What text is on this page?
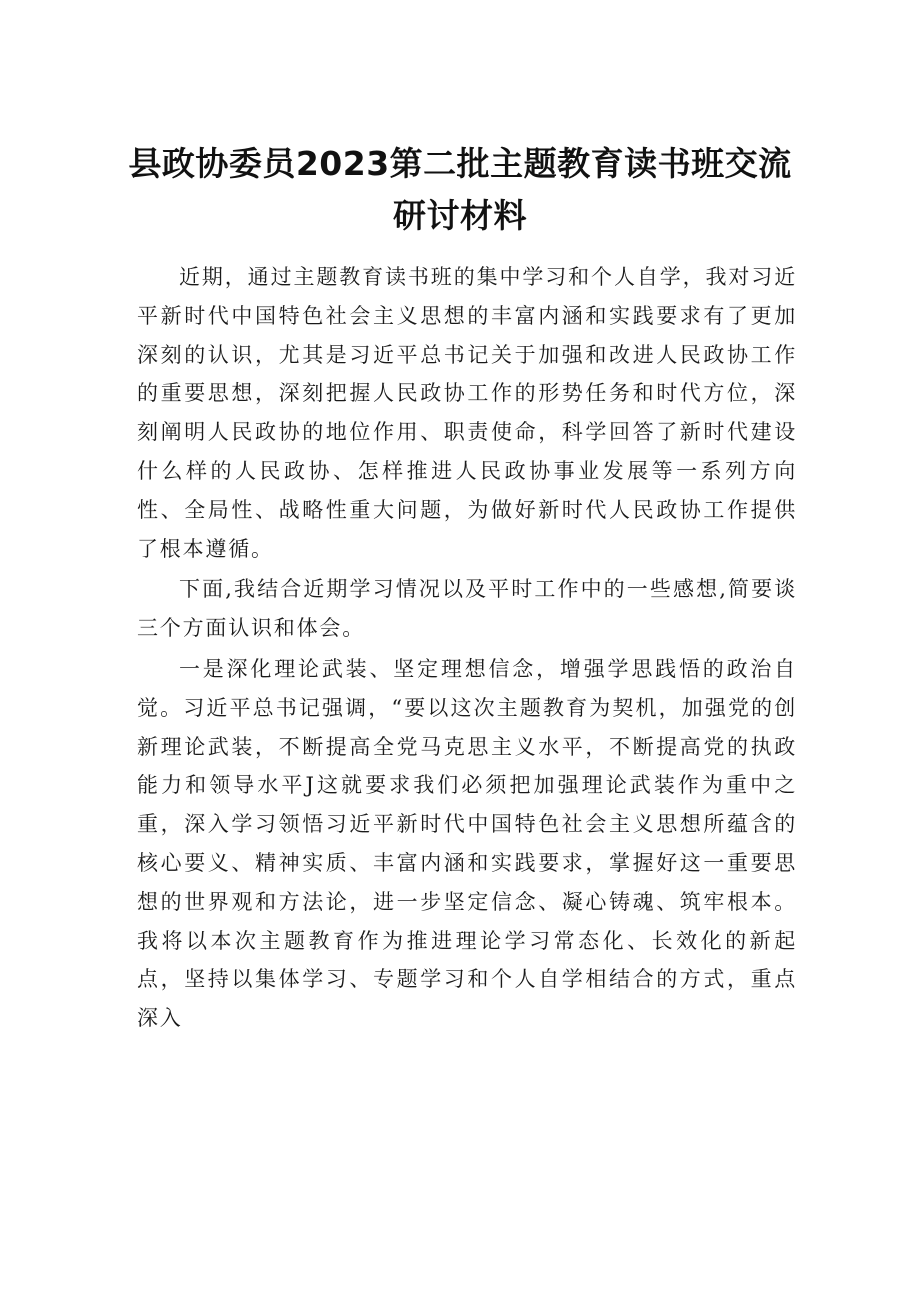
县政协委员2023第二批主题教育读书班交流研讨材料

近期，通过主题教育读书班的集中学习和个人自学，我对习近平新时代中国特色社会主义思想的丰富内涵和实践要求有了更加深刻的认识，尤其是习近平总书记关于加强和改进人民政协工作的重要思想，深刻把握人民政协工作的形势任务和时代方位，深刻阐明人民政协的地位作用、职责使命，科学回答了新时代建设什么样的人民政协、怎样推进人民政协事业发展等一系列方向性、全局性、战略性重大问题，为做好新时代人民政协工作提供了根本遵循。

下面,我结合近期学习情况以及平时工作中的一些感想,简要谈三个方面认识和体会。

一是深化理论武装、坚定理想信念，增强学思践悟的政治自觉。习近平总书记强调，“要以这次主题教育为契机，加强党的创新理论武装，不断提高全党马克思主义水平，不断提高党的执政能力和领导水平J这就要求我们必须把加强理论武装作为重中之重，深入学习领悟习近平新时代中国特色社会主义思想所蕴含的核心要义、精神实质、丰富内涵和实践要求，掌握好这一重要思想的世界观和方法论，进一步坚定信念、凝心铸魂、筑牢根本。我将以本次主题教育作为推进理论学习常态化、长效化的新起点，坚持以集体学习、专题学习和个人自学相结合的方式，重点深入
